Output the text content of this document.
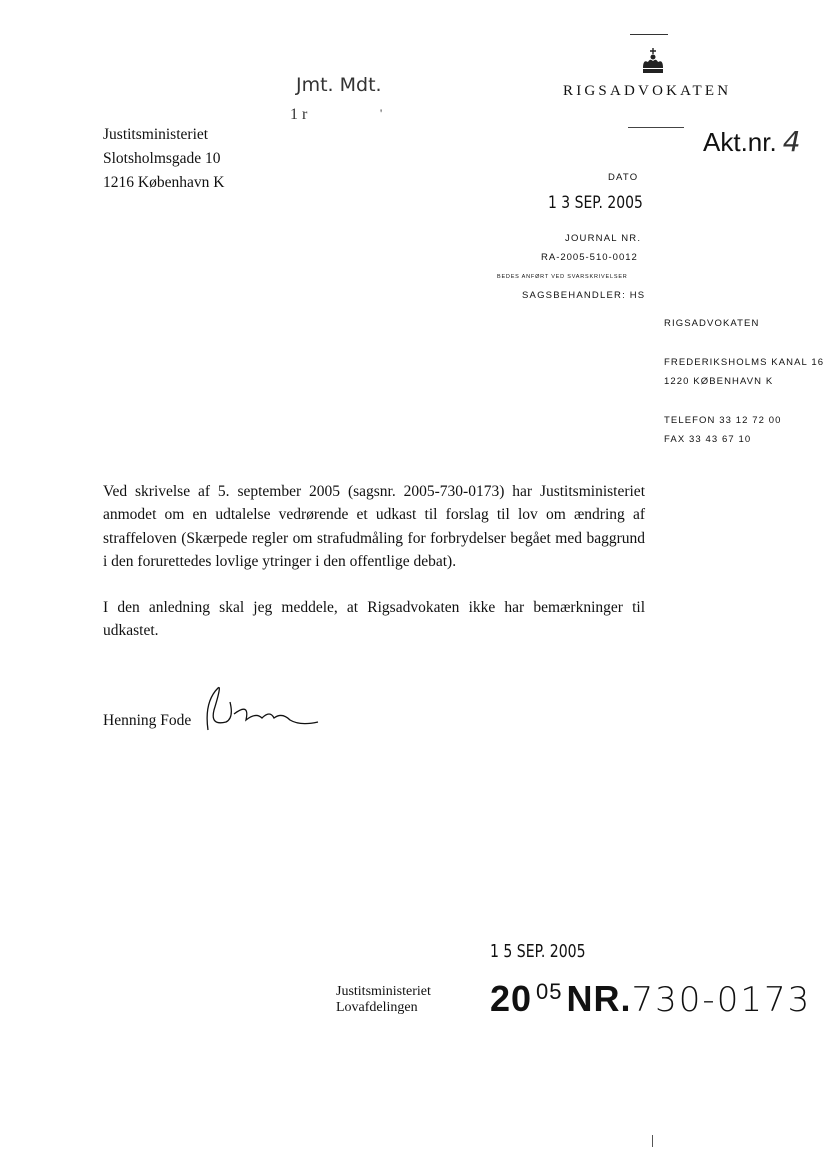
Jmt. Mdt.
1 r	'
RIGSADVOKATEN
Justitsministeriet
Slotsholmsgade 10
1216 København K
Akt.nr. 4
DATO
1 3 SEP. 2005
JOURNAL NR.
RA-2005-510-0012
BEDES ANFØRT VED SVARSKRIVELSER
SAGSBEHANDLER: HS
RIGSADVOKATEN
FREDERIKSHOLMS KANAL 16
1220 KØBENHAVN K
TELEFON 33 12 72 00
FAX 33 43 67 10
Ved skrivelse af 5. september 2005 (sagsnr. 2005-730-0173) har Justitsministeriet anmodet om en udtalelse vedrørende et udkast til forslag til lov om ændring af straffeloven (Skærpede regler om strafudmåling for forbrydelser begået med baggrund i den forurettedes lovlige ytringer i den offentlige debat).
I den anledning skal jeg meddele, at Rigsadvokaten ikke har bemærkninger til udkastet.
Henning Fode
1 5 SEP. 2005
Justitsministeriet
Lovafdelingen 20 $^{05}$ NR.730-0173
